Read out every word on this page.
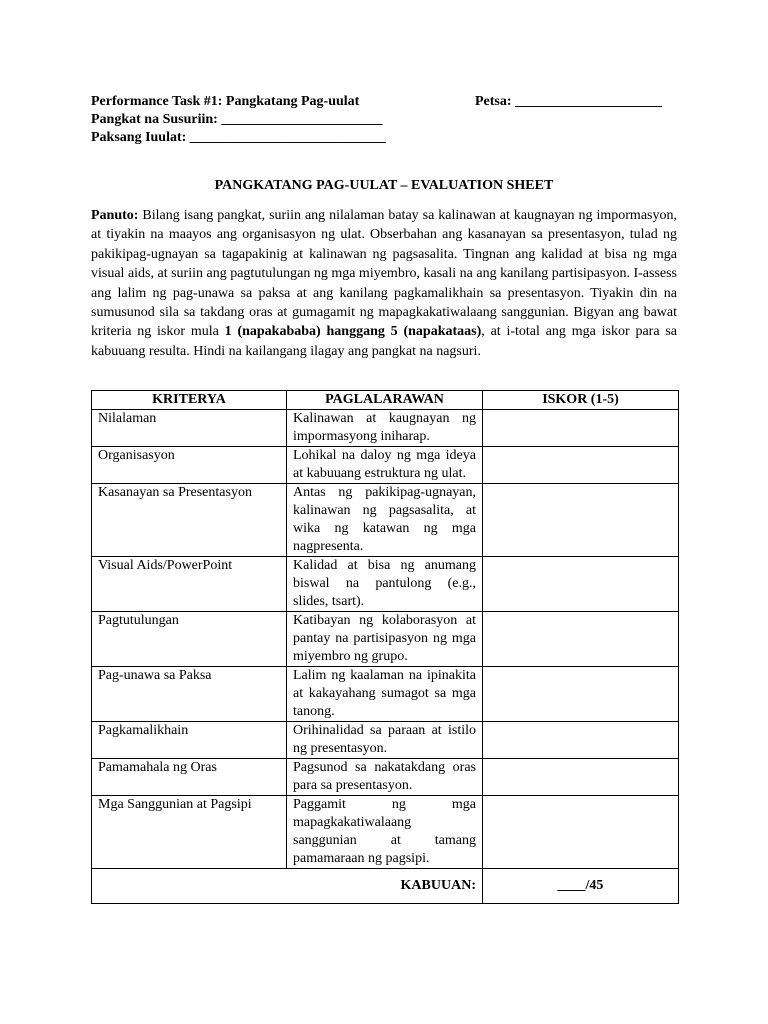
Performance Task #1: Pangkatang Pag-uulat	Petsa: _____________________
Pangkat na Susuriin: _______________________
Paksang Iuulat: ____________________________
PANGKATANG PAG-UULAT – EVALUATION SHEET

Panuto: Bilang isang pangkat, suriin ang nilalaman batay sa kalinawan at kaugnayan ng impormasyon, at tiyakin na maayos ang organisasyon ng ulat. Obserbahan ang kasanayan sa presentasyon, tulad ng pakikipag-ugnayan sa tagapakinig at kalinawan ng pagsasalita. Tingnan ang kalidad at bisa ng mga visual aids, at suriin ang pagtutulungan ng mga miyembro, kasali na ang kanilang partisipasyon. I-assess ang lalim ng pag-unawa sa paksa at ang kanilang pagkamalikhain sa presentasyon. Tiyakin din na sumusunod sila sa takdang oras at gumagamit ng mapagkakatiwalaang sanggunian. Bigyan ang bawat kriteria ng iskor mula 1 (napakababa) hanggang 5 (napakataas), at i-total ang mga iskor para sa kabuuang resulta. Hindi na kailangang ilagay ang pangkat na nagsuri.

KRITERYA	PAGLALARAWAN	ISKOR (1-5)
Nilalaman	Kalinawan at kaugnayan ng impormasyong iniharap.	
Organisasyon	Lohikal na daloy ng mga ideya at kabuuang estruktura ng ulat.	
Kasanayan sa Presentasyon	Antas ng pakikipag-ugnayan, kalinawan ng pagsasalita, at wika ng katawan ng mga nagpresenta.	
Visual Aids/PowerPoint	Kalidad at bisa ng anumang biswal na pantulong (e.g., slides, tsart).	
Pagtutulungan	Katibayan ng kolaborasyon at pantay na partisipasyon ng mga miyembro ng grupo.	
Pag-unawa sa Paksa	Lalim ng kaalaman na ipinakita at kakayahang sumagot sa mga tanong.	
Pagkamalikhain	Orihinalidad sa paraan at istilo ng presentasyon.	
Pamamahala ng Oras	Pagsunod sa nakatakdang oras para sa presentasyon.	
Mga Sanggunian at Pagsipi	Paggamit ng mga mapagkakatiwalaang sanggunian at tamang pamamaraan ng pagsipi.	
KABUUAN:		____/45
